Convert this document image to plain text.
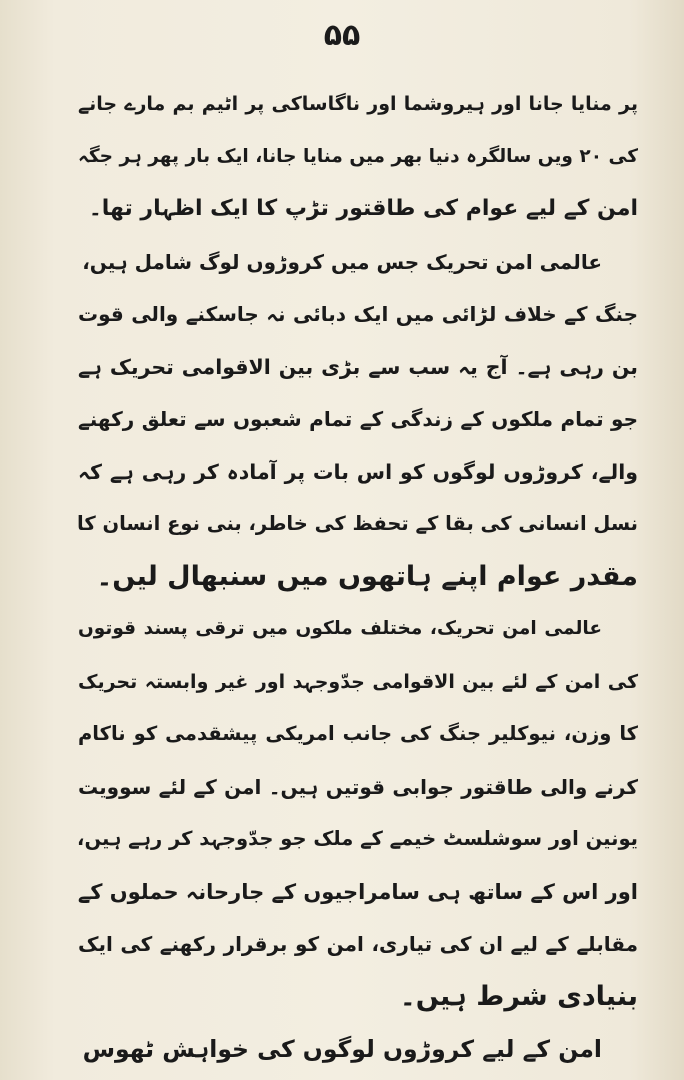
۵۵
پر منایا جانا اور ہیروشما اور ناگاساکی پر اٹیم بم مارے جانے
کی ۲۰ ویں سالگرہ دنیا بھر میں منایا جانا، ایک بار پھر ہر جگہ
امن کے لیے عوام کی طاقتور تڑپ کا ایک اظہار تھا۔
عالمی امن تحریک جس میں کروڑوں لوگ شامل ہیں،
جنگ کے خلاف لڑائی میں ایک دبائی نہ جاسکنے والی قوت
بن رہی ہے۔ آج یہ سب سے بڑی بین الاقوامی تحریک ہے
جو تمام ملکوں کے زندگی کے تمام شعبوں سے تعلق رکھنے
والے، کروڑوں لوگوں کو اس بات پر آمادہ کر رہی ہے کہ
نسل انسانی کی بقا کے تحفظ کی خاطر، بنی نوع انسان کا
مقدر عوام اپنے ہاتھوں میں سنبھال لیں۔
عالمی امن تحریک، مختلف ملکوں میں ترقی پسند قوتوں
کی امن کے لئے بین الاقوامی جدّوجہد اور غیر وابستہ تحریک
کا وزن، نیوکلیر جنگ کی جانب امریکی پیشقدمی کو ناکام
کرنے والی طاقتور جوابی قوتیں ہیں۔ امن کے لئے سوویت
یونین اور سوشلسٹ خیمے کے ملک جو جدّوجہد کر رہے ہیں،
اور اس کے ساتھ ہی سامراجیوں کے جارحانہ حملوں کے
مقابلے کے لیے ان کی تیاری، امن کو برقرار رکھنے کی ایک
بنیادی شرط ہیں۔
امن کے لیے کروڑوں لوگوں کی خواہش ٹھوس
